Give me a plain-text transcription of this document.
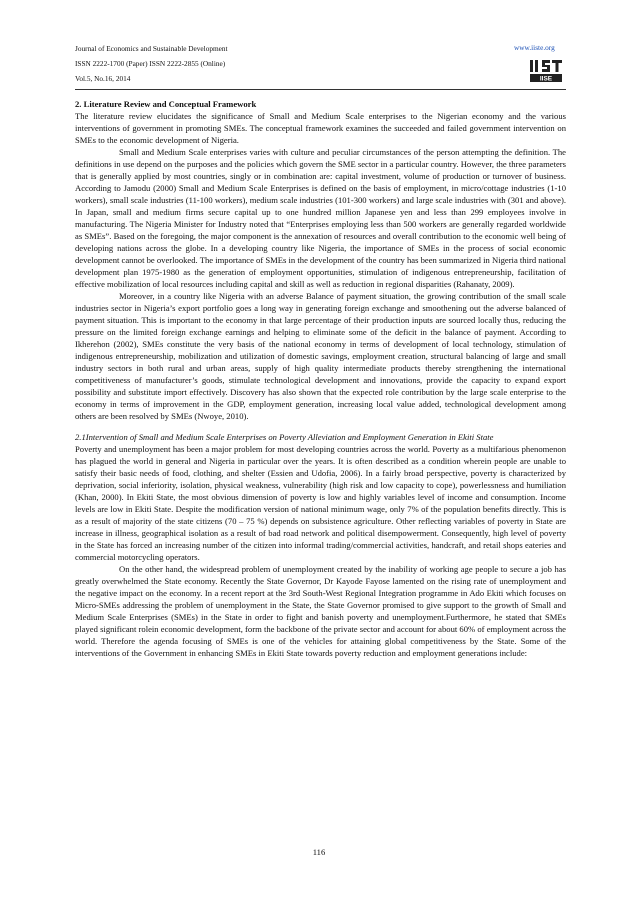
Journal of Economics and Sustainable Development
ISSN 2222-1700 (Paper) ISSN 2222-2855 (Online)
Vol.5, No.16, 2014
www.iiste.org
IISE

2. Literature Review and Conceptual Framework

The literature review elucidates the significance of Small and Medium Scale enterprises to the Nigerian economy and the various interventions of government in promoting SMEs. The conceptual framework examines the succeeded and failed government intervention on SMEs to the economic development of Nigeria.

Small and Medium Scale enterprises varies with culture and peculiar circumstances of the person attempting the definition. The definitions in use depend on the purposes and the policies which govern the SME sector in a particular country. However, the three parameters that is generally applied by most countries, singly or in combination are: capital investment, volume of production or turnover of business. According to Jamodu (2000) Small and Medium Scale Enterprises is defined on the basis of employment, in micro/cottage industries (1-10 workers), small scale industries (11-100 workers), medium scale industries (101-300 workers) and large scale industries with (301 and above). In Japan, small and medium firms secure capital up to one hundred million Japanese yen and less than 299 employees involve in manufacturing. The Nigeria Minister for Industry noted that “Enterprises employing less than 500 workers are generally regarded worldwide as SMEs”. Based on the foregoing, the major component is the annexation of resources and overall contribution to the economic well being of developing nations across the globe. In a developing country like Nigeria, the importance of SMEs in the process of social economic development cannot be overlooked. The importance of SMEs in the development of the country has been summarized in Nigeria third national development plan 1975-1980 as the generation of employment opportunities, stimulation of indigenous entrepreneurship, facilitation of effective mobilization of local resources including capital and skill as well as reduction in regional disparities (Rahanaty, 2009).

Moreover, in a country like Nigeria with an adverse Balance of payment situation, the growing contribution of the small scale industries sector in Nigeria’s export portfolio goes a long way in generating foreign exchange and smoothening out the adverse balanced of payment situation. This is important to the economy in that large percentage of their production inputs are sourced locally thus, reducing the pressure on the limited foreign exchange earnings and helping to eliminate some of the deficit in the balance of payment. According to Ikherehon (2002), SMEs constitute the very basis of the national economy in terms of development of local technology, stimulation of indigenous entrepreneurship, mobilization and utilization of domestic savings, employment creation, structural balancing of large and small industry sectors in both rural and urban areas, supply of high quality intermediate products thereby strengthening the international competitiveness of manufacturer’s goods, stimulate technological development and innovations, provide the capacity to expand export possibility and substitute import effectively. Discovery has also shown that the expected role contribution by the large scale enterprise to the economy in terms of improvement in the GDP, employment generation, increasing local value added, technological development among others are been resolved by SMEs (Nwoye, 2010).

2.1Intervention of Small and Medium Scale Enterprises on Poverty Alleviation and Employment Generation in Ekiti State

Poverty and unemployment has been a major problem for most developing countries across the world. Poverty as a multifarious phenomenon has plagued the world in general and Nigeria in particular over the years. It is often described as a condition wherein people are unable to satisfy their basic needs of food, clothing, and shelter (Essien and Udofia, 2006). In a fairly broad perspective, poverty is characterized by deprivation, social inferiority, isolation, physical weakness, vulnerability (high risk and low capacity to cope), powerlessness and humiliation (Khan, 2000). In Ekiti State, the most obvious dimension of poverty is low and highly variables level of income and consumption. Income levels are low in Ekiti State. Despite the modification version of national minimum wage, only 7% of the population benefits directly. This is as a result of majority of the state citizens (70 – 75 %) depends on subsistence agriculture. Other reflecting variables of poverty in State are increase in illness, geographical isolation as a result of bad road network and political disempowerment. Consequently, high level of poverty in the State has forced an increasing number of the citizen into informal trading/commercial activities, handcraft, and retail shops eateries and commercial motorcycling operators.

On the other hand, the widespread problem of unemployment created by the inability of working age people to secure a job has greatly overwhelmed the State economy. Recently the State Governor, Dr Kayode Fayose lamented on the rising rate of unemployment and the negative impact on the economy. In a recent report at the 3rd South-West Regional Integration programme in Ado Ekiti which focuses on Micro-SMEs addressing the problem of unemployment in the State, the State Governor promised to give support to the growth of Small and Medium Scale Enterprises (SMEs) in the State in order to fight and banish poverty and unemployment.Furthermore, he stated that SMEs played significant rolein economic development, form the backbone of the private sector and account for about 60% of employment across the world. Therefore the agenda focusing of SMEs is one of the vehicles for attaining global competitiveness by the State. Some of the interventions of the Government in enhancing SMEs in Ekiti State towards poverty reduction and employment generations include:

116
